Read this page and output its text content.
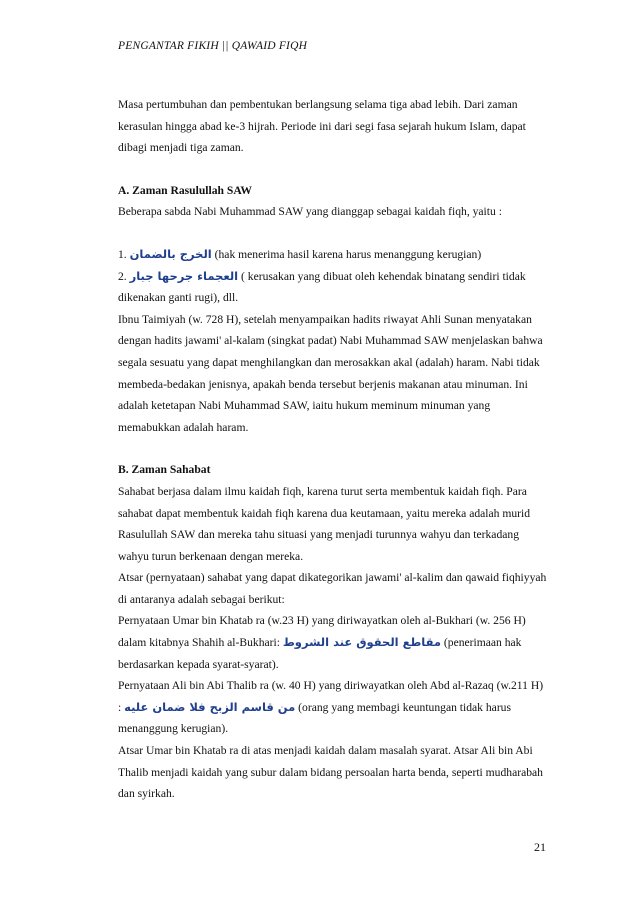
PENGANTAR FIKIH || QAWAID FIQH

Masa pertumbuhan dan pembentukan berlangsung selama tiga abad lebih. Dari zaman kerasulan hingga abad ke-3 hijrah. Periode ini dari segi fasa sejarah hukum Islam, dapat dibagi menjadi tiga zaman.

A. Zaman Rasulullah SAW

Beberapa sabda Nabi Muhammad SAW yang dianggap sebagai kaidah fiqh, yaitu :

1. الخرج بالضمان (hak menerima hasil karena harus menanggung kerugian)

2. العجماء جرحها جبار ( kerusakan yang dibuat oleh kehendak binatang sendiri tidak dikenakan ganti rugi), dll.

Ibnu Taimiyah (w. 728 H), setelah menyampaikan hadits riwayat Ahli Sunan menyatakan dengan hadits jawami' al-kalam (singkat padat) Nabi Muhammad SAW menjelaskan bahwa segala sesuatu yang dapat menghilangkan dan merosakkan akal (adalah) haram. Nabi tidak membeda-bedakan jenisnya, apakah benda tersebut berjenis makanan atau minuman. Ini adalah ketetapan Nabi Muhammad SAW, iaitu hukum meminum minuman yang memabukkan adalah haram.

B. Zaman Sahabat

Sahabat berjasa dalam ilmu kaidah fiqh, karena turut serta membentuk kaidah fiqh. Para sahabat dapat membentuk kaidah fiqh karena dua keutamaan, yaitu mereka adalah murid Rasulullah SAW dan mereka tahu situasi yang menjadi turunnya wahyu dan terkadang wahyu turun berkenaan dengan mereka.

Atsar (pernyataan) sahabat yang dapat dikategorikan jawami' al-kalim dan qawaid fiqhiyyah di antaranya adalah sebagai berikut:

Pernyataan Umar bin Khatab ra (w.23 H) yang diriwayatkan oleh al-Bukhari (w. 256 H) dalam kitabnya Shahih al-Bukhari: مقاطع الحقوق عند الشروط (penerimaan hak berdasarkan kepada syarat-syarat).

Pernyataan Ali bin Abi Thalib ra (w. 40 H) yang diriwayatkan oleh Abd al-Razaq (w.211 H) : من قاسم الزبح فلا ضمان عليه (orang yang membagi keuntungan tidak harus menanggung kerugian).

Atsar Umar bin Khatab ra di atas menjadi kaidah dalam masalah syarat. Atsar Ali bin Abi Thalib menjadi kaidah yang subur dalam bidang persoalan harta benda, seperti mudharabah dan syirkah.

21
